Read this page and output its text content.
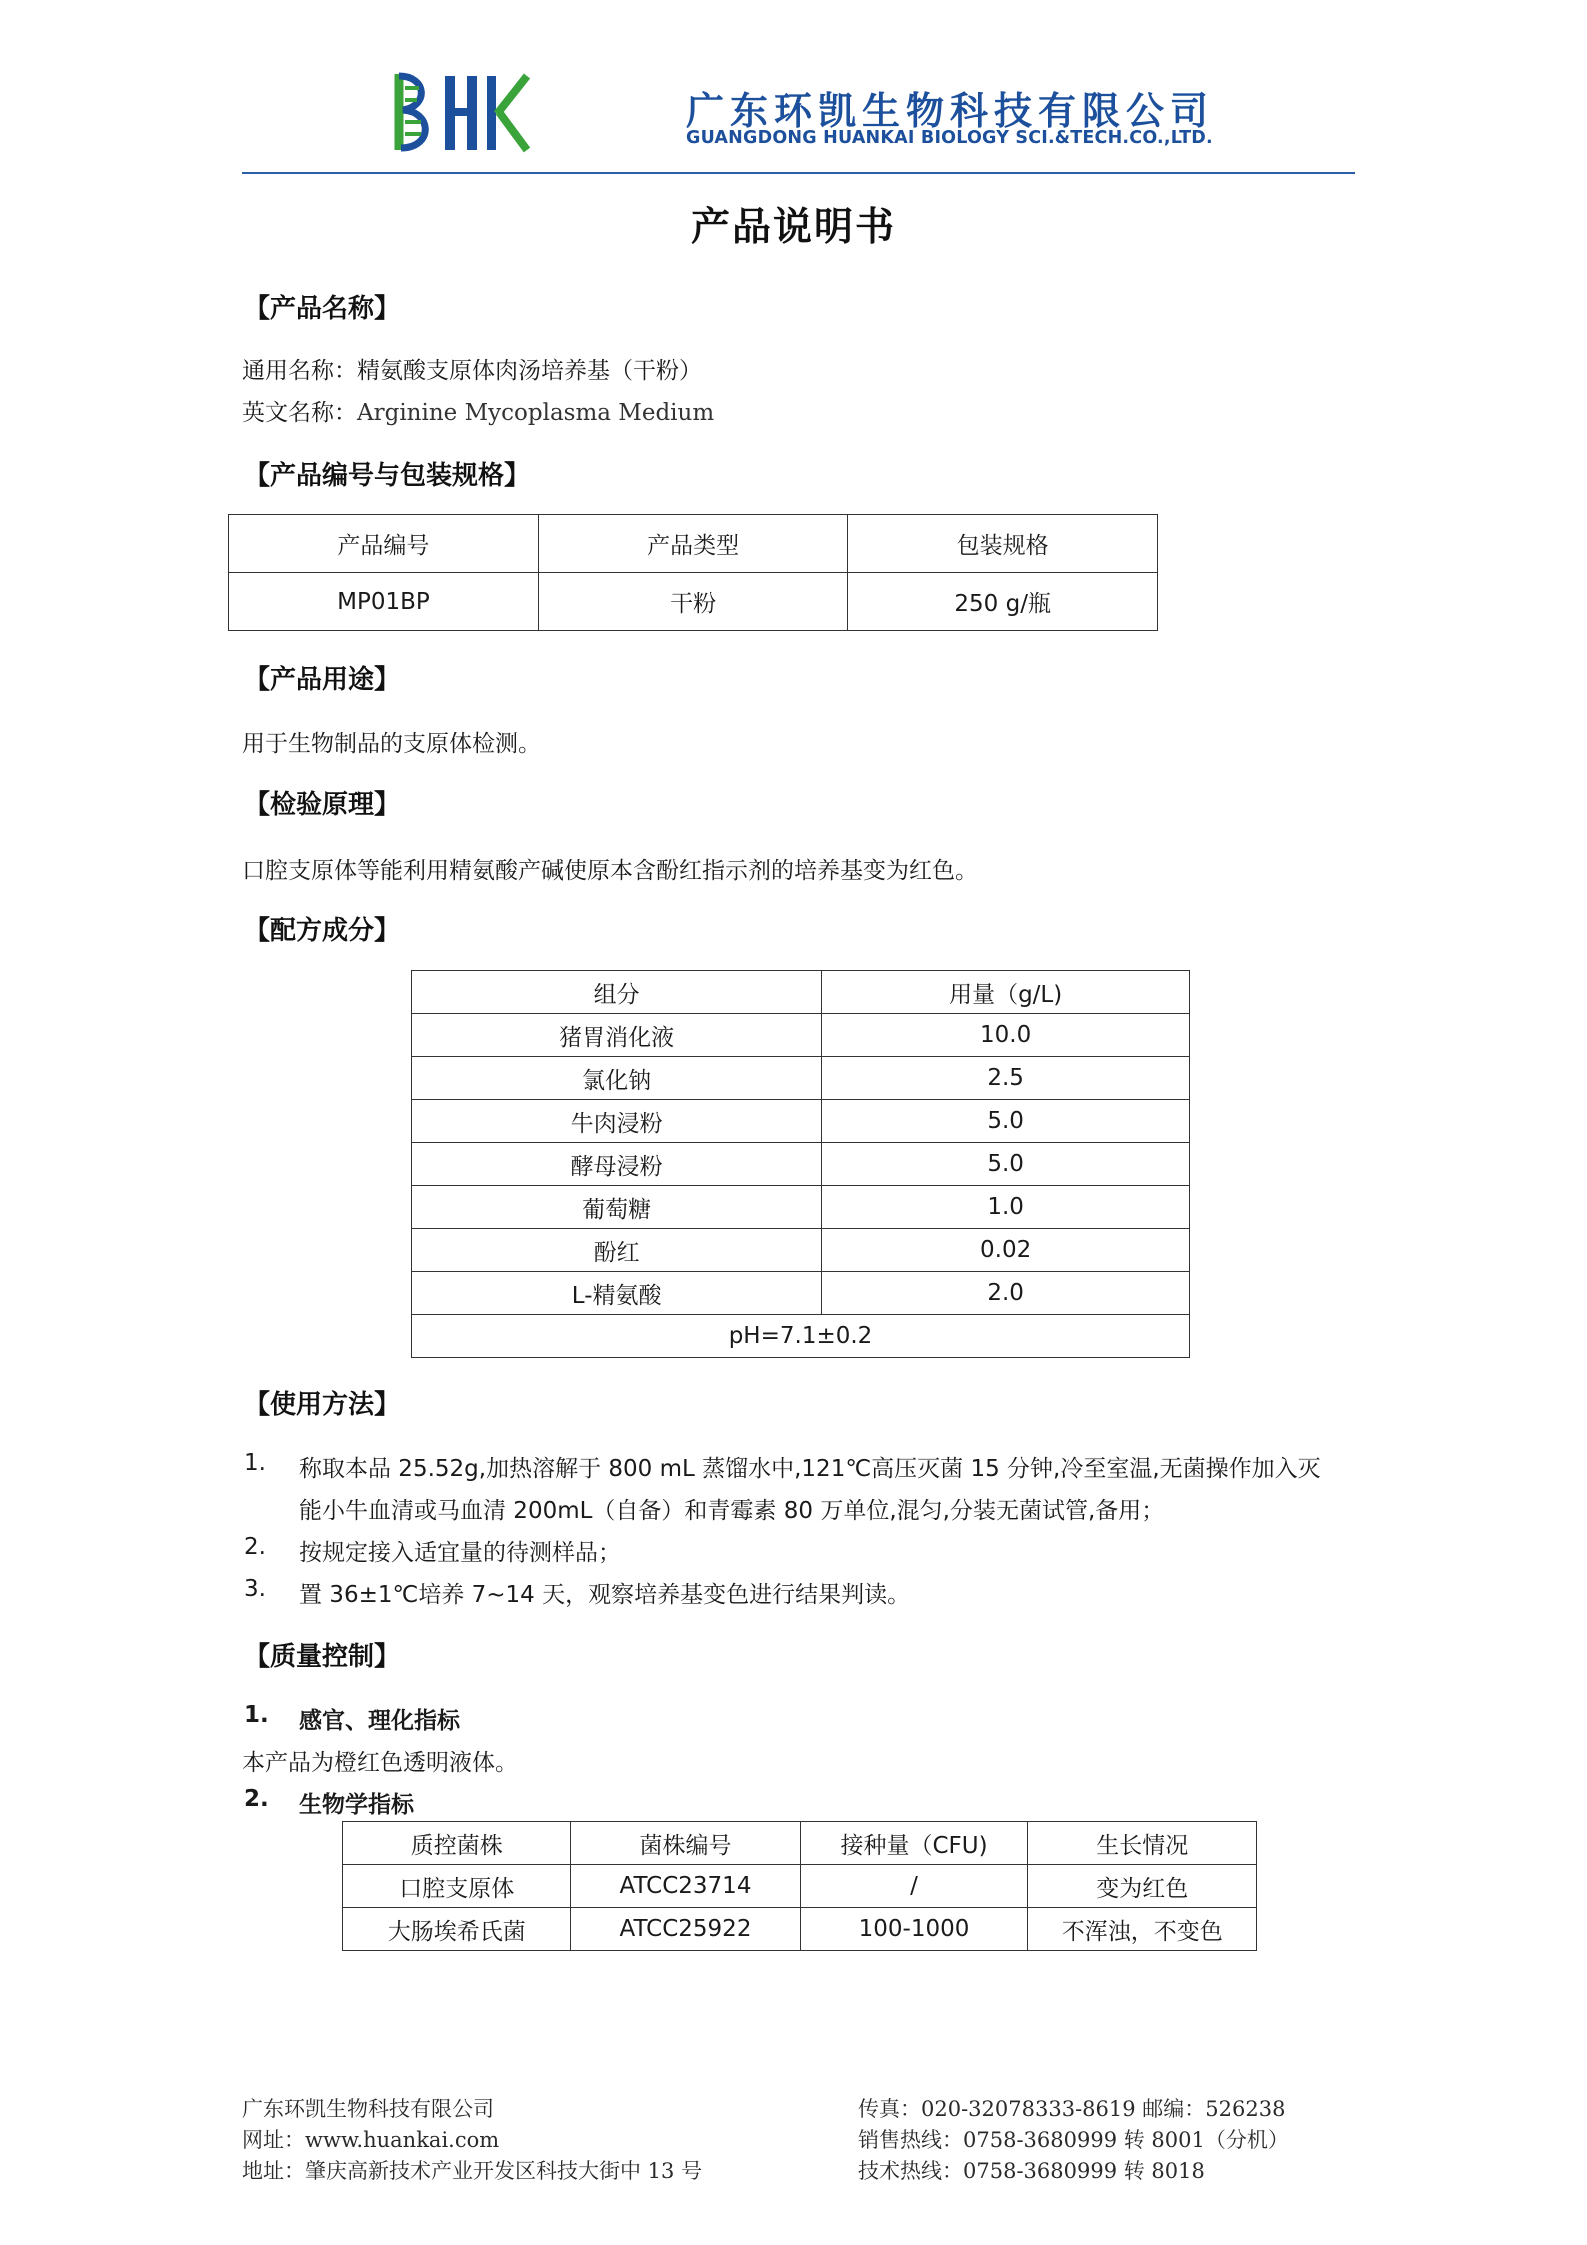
广东环凯生物科技有限公司
GUANGDONG HUANKAI BIOLOGY SCI.&TECH.CO.,LTD.
产品说明书
【产品名称】
通用名称：精氨酸支原体肉汤培养基（干粉）
英文名称：Arginine Mycoplasma Medium
【产品编号与包装规格】
产品编号	产品类型	包装规格
MP01BP	干粉	250 g/瓶
【产品用途】
用于生物制品的支原体检测。
【检验原理】
口腔支原体等能利用精氨酸产碱使原本含酚红指示剂的培养基变为红色。
【配方成分】
组分	用量（g/L)
猪胃消化液	10.0
氯化钠	2.5
牛肉浸粉	5.0
酵母浸粉	5.0
葡萄糖	1.0
酚红	0.02
L-精氨酸	2.0
pH=7.1±0.2	
【使用方法】
1. 称取本品 25.52g,加热溶解于 800 mL 蒸馏水中,121℃高压灭菌 15 分钟,冷至室温,无菌操作加入灭
能小牛血清或马血清 200mL（自备）和青霉素 80 万单位,混匀,分装无菌试管,备用；
2. 按规定接入适宜量的待测样品；
3. 置 36±1℃培养 7~14 天，观察培养基变色进行结果判读。
【质量控制】
1. 感官、理化指标
本产品为橙红色透明液体。
2. 生物学指标
质控菌株	菌株编号	接种量（CFU)	生长情况
口腔支原体	ATCC23714	/	变为红色
大肠埃希氏菌	ATCC25922	100-1000	不浑浊，不变色
广东环凯生物科技有限公司
网址：www.huankai.com
地址：肇庆高新技术产业开发区科技大街中 13 号
传真：020-32078333-8619 邮编：526238
销售热线：0758-3680999 转 8001（分机）
技术热线：0758-3680999 转 8018
